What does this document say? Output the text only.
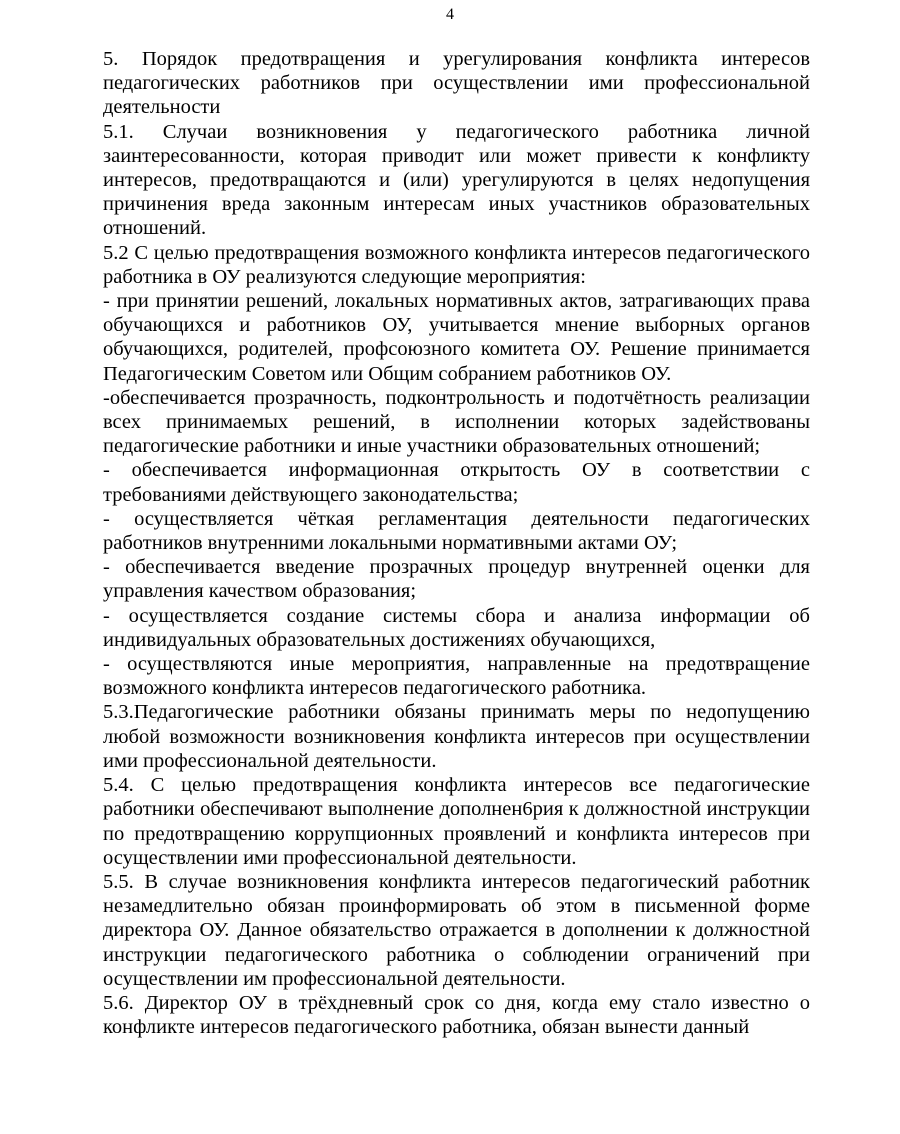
4

5. Порядок предотвращения и урегулирования конфликта интересов педагогических работников при осуществлении ими профессиональной деятельности

5.1. Случаи возникновения у педагогического работника личной заинтересованности, которая приводит или может привести к конфликту интересов, предотвращаются и (или) урегулируются в целях недопущения причинения вреда законным интересам иных участников образовательных отношений.

5.2 С целью предотвращения возможного конфликта интересов педагогического работника в ОУ реализуются следующие мероприятия:

- при принятии решений, локальных нормативных актов, затрагивающих права обучающихся и работников ОУ, учитывается мнение выборных органов обучающихся, родителей, профсоюзного комитета ОУ. Решение принимается Педагогическим Советом или Общим собранием работников ОУ.

-обеспечивается прозрачность, подконтрольность и подотчётность реализации всех принимаемых решений, в исполнении которых задействованы педагогические работники и иные участники образовательных отношений;

- обеспечивается информационная открытость ОУ в соответствии с требованиями действующего законодательства;

- осуществляется чёткая регламентация деятельности педагогических работников внутренними локальными нормативными актами ОУ;

- обеспечивается введение прозрачных процедур внутренней оценки для управления качеством образования;

- осуществляется создание системы сбора и анализа информации об индивидуальных образовательных достижениях обучающихся,

- осуществляются иные мероприятия, направленные на предотвращение возможного конфликта интересов педагогического работника.

5.3.Педагогические работники обязаны принимать меры по недопущению любой возможности возникновения конфликта интересов при осуществлении ими профессиональной деятельности.

5.4. С целью предотвращения конфликта интересов все педагогические работники обеспечивают выполнение дополнен6рия к должностной инструкции по предотвращению коррупционных проявлений и конфликта интересов при осуществлении ими профессиональной деятельности.

5.5. В случае возникновения конфликта интересов педагогический работник незамедлительно обязан проинформировать об этом в письменной форме директора ОУ. Данное обязательство отражается в дополнении к должностной инструкции педагогического работника о соблюдении ограничений при осуществлении им профессиональной деятельности.

5.6. Директор ОУ в трёхдневный срок со дня, когда ему стало известно о конфликте интересов педагогического работника, обязан вынести данный
